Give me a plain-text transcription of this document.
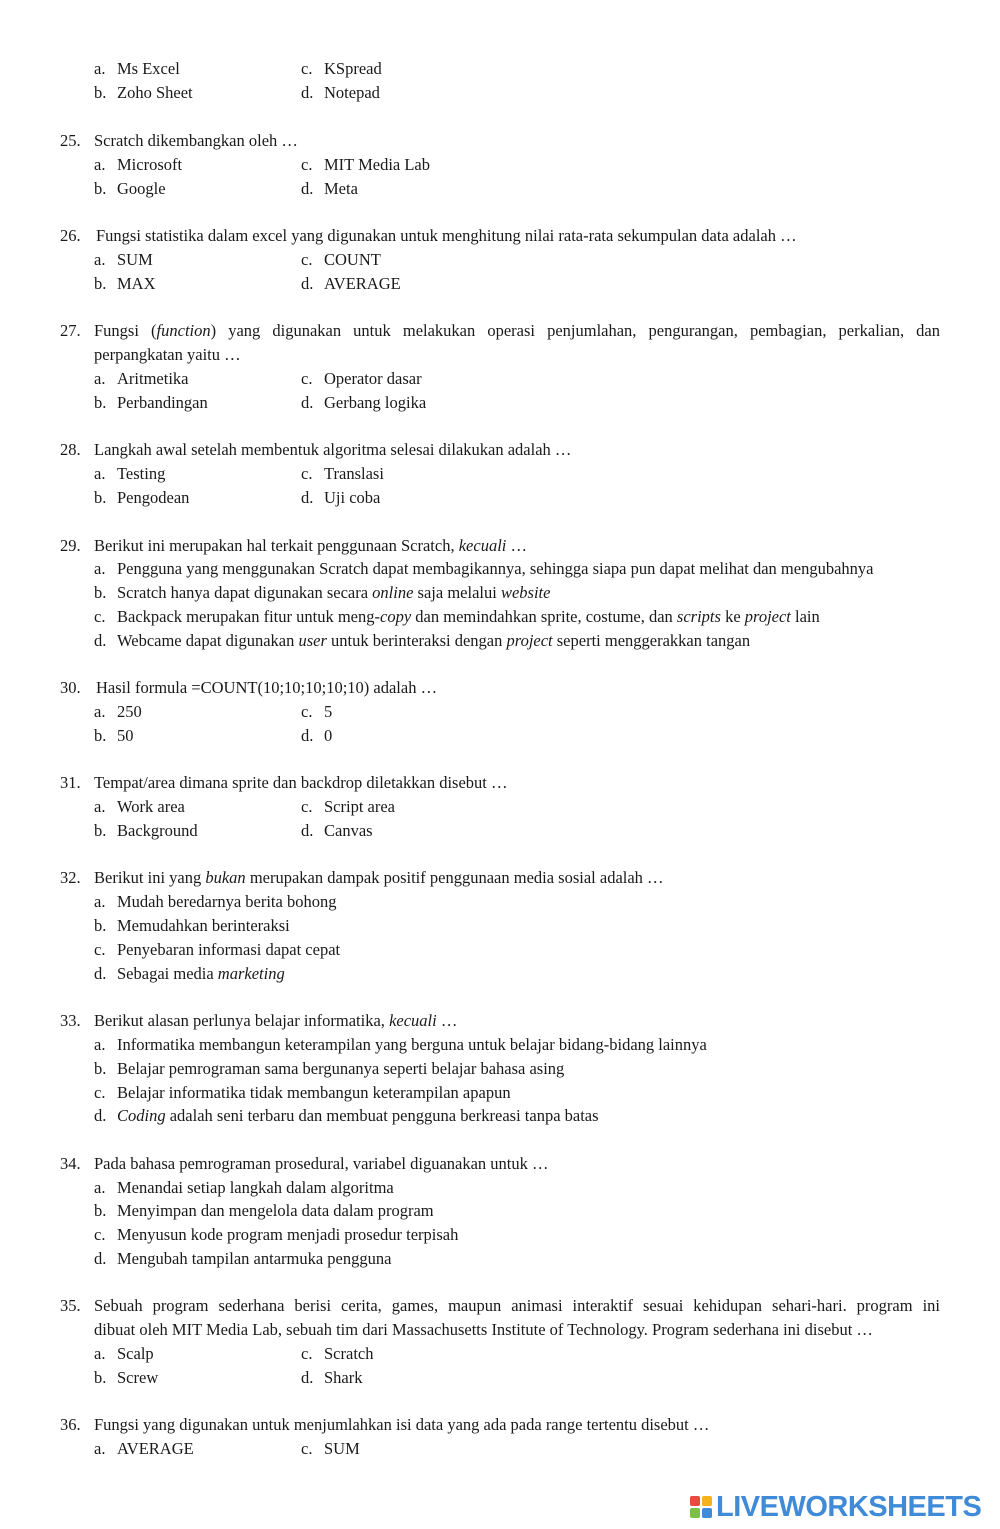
a. Ms Excel	c. KSpread
b. Zoho Sheet	d. Notepad
25. Scratch dikembangkan oleh …
a. Microsoft	c. MIT Media Lab
b. Google	d. Meta
26. Fungsi statistika dalam excel yang digunakan untuk menghitung nilai rata-rata sekumpulan data adalah …
a. SUM	c. COUNT
b. MAX	d. AVERAGE
27. Fungsi (function) yang digunakan untuk melakukan operasi penjumlahan, pengurangan, pembagian, perkalian, dan
perpangkatan yaitu …
a. Aritmetika	c. Operator dasar
b. Perbandingan	d. Gerbang logika
28. Langkah awal setelah membentuk algoritma selesai dilakukan adalah …
a. Testing	c. Translasi
b. Pengodean	d. Uji coba
29. Berikut ini merupakan hal terkait penggunaan Scratch, kecuali …
a. Pengguna yang menggunakan Scratch dapat membagikannya, sehingga siapa pun dapat melihat dan mengubahnya
b. Scratch hanya dapat digunakan secara online saja melalui website
c. Backpack merupakan fitur untuk meng-copy dan memindahkan sprite, costume, dan scripts ke project lain
d. Webcame dapat digunakan user untuk berinteraksi dengan project seperti menggerakkan tangan
30. Hasil formula =COUNT(10;10;10;10;10) adalah …
a. 250	c. 5
b. 50	d. 0
31. Tempat/area dimana sprite dan backdrop diletakkan disebut …
a. Work area	c. Script area
b. Background	d. Canvas
32. Berikut ini yang bukan merupakan dampak positif penggunaan media sosial adalah …
a. Mudah beredarnya berita bohong
b. Memudahkan berinteraksi
c. Penyebaran informasi dapat cepat
d. Sebagai media marketing
33. Berikut alasan perlunya belajar informatika, kecuali …
a. Informatika membangun keterampilan yang berguna untuk belajar bidang-bidang lainnya
b. Belajar pemrograman sama bergunanya seperti belajar bahasa asing
c. Belajar informatika tidak membangun keterampilan apapun
d. Coding adalah seni terbaru dan membuat pengguna berkreasi tanpa batas
34. Pada bahasa pemrograman prosedural, variabel diguanakan untuk …
a. Menandai setiap langkah dalam algoritma
b. Menyimpan dan mengelola data dalam program
c. Menyusun kode program menjadi prosedur terpisah
d. Mengubah tampilan antarmuka pengguna
35. Sebuah program sederhana berisi cerita, games, maupun animasi interaktif sesuai kehidupan sehari-hari. program ini
dibuat oleh MIT Media Lab, sebuah tim dari Massachusetts Institute of Technology. Program sederhana ini disebut …
a. Scalp	c. Scratch
b. Screw	d. Shark
36. Fungsi yang digunakan untuk menjumlahkan isi data yang ada pada range tertentu disebut …
a. AVERAGE	c. SUM
LIVEWORKSHEETS
